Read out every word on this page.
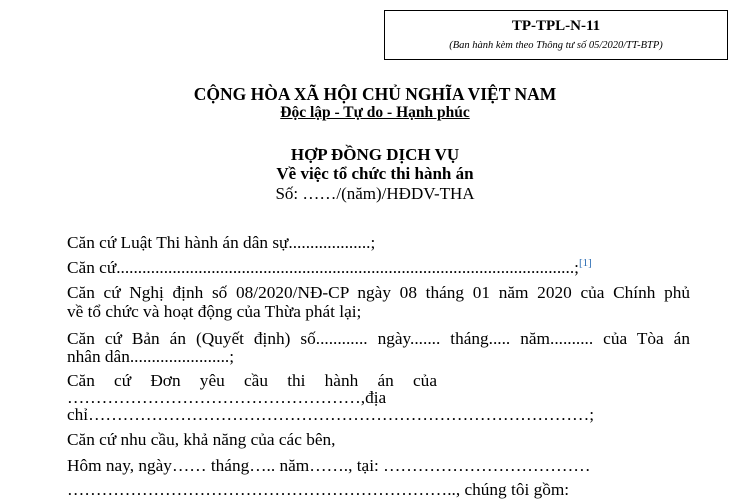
TP-TPL-N-11
(Ban hành kèm theo Thông tư số 05/2020/TT-BTP)
CỘNG HÒA XÃ HỘI CHỦ NGHĨA VIỆT NAM
Độc lập - Tự do - Hạnh phúc
HỢP ĐỒNG DỊCH VỤ
Về việc tổ chức thi hành án
Số: ……/(năm)/HĐDV-THA
Căn cứ Luật Thi hành án dân sự...................;
Căn cứ..........................................................................................................;[1]
Căn cứ Nghị định số 08/2020/NĐ-CP ngày 08 tháng 01 năm 2020 của Chính phủ
về tổ chức và hoạt động của Thừa phát lại;
Căn cứ Bản án (Quyết định) số............ ngày....... tháng..... năm.......... của Tòa án
nhân dân.......................;
Căn cứ Đơn yêu cầu thi hành án của
……………………………………………,địa
chỉ……………………………………………………………………………;
Căn cứ nhu cầu, khả năng của các bên,
Hôm nay, ngày…… tháng….. năm……., tại: ………………………………
………………………………………………………….., chúng tôi gồm:
